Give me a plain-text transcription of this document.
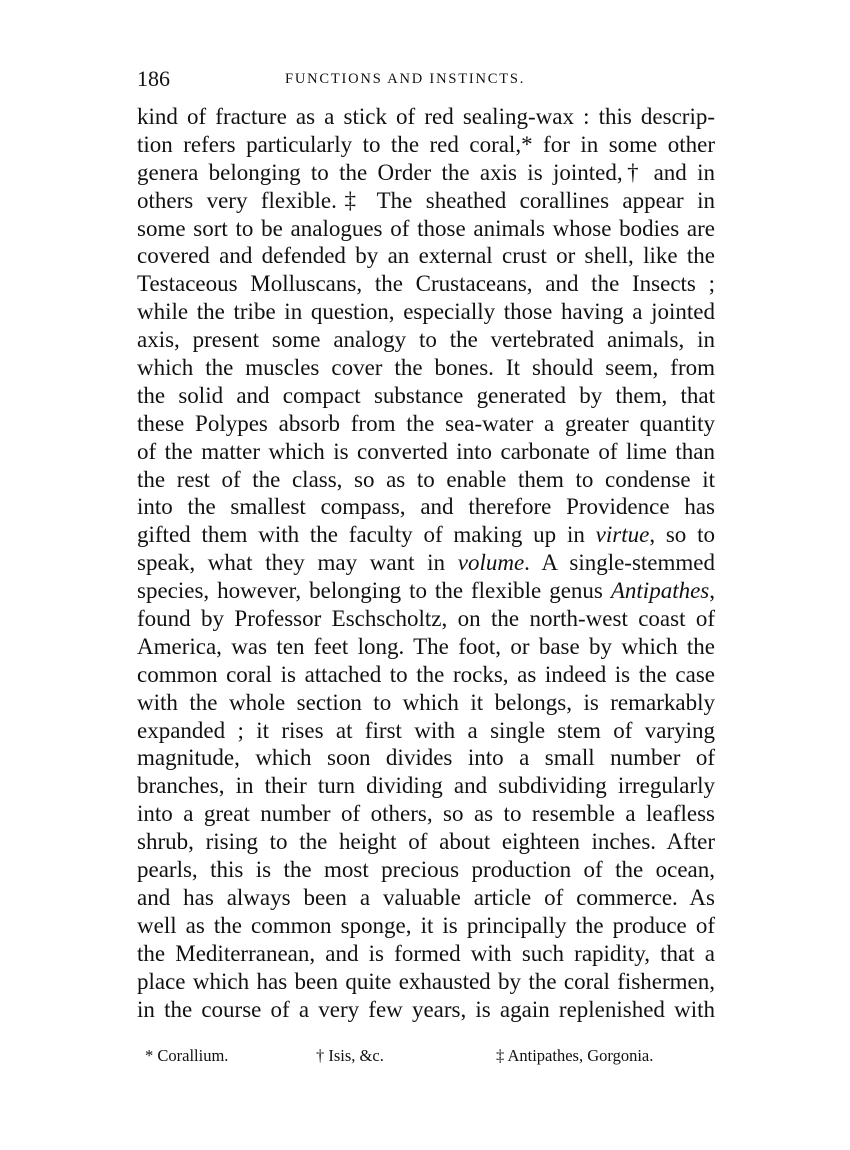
186	FUNCTIONS AND INSTINCTS.
kind of fracture as a stick of red sealing-wax : this descrip-
tion refers particularly to the red coral,* for in some other
genera belonging to the Order the axis is jointed,† and in
others very flexible.‡ The sheathed corallines appear in
some sort to be analogues of those animals whose bodies are
covered and defended by an external crust or shell, like the
Testaceous Molluscans, the Crustaceans, and the Insects ;
while the tribe in question, especially those having a jointed
axis, present some analogy to the vertebrated animals, in
which the muscles cover the bones. It should seem, from
the solid and compact substance generated by them, that
these Polypes absorb from the sea-water a greater quantity
of the matter which is converted into carbonate of lime than
the rest of the class, so as to enable them to condense it
into the smallest compass, and therefore Providence has
gifted them with the faculty of making up in virtue, so to
speak, what they may want in volume. A single-stemmed
species, however, belonging to the flexible genus Antipathes,
found by Professor Eschscholtz, on the north-west coast of
America, was ten feet long. The foot, or base by which the
common coral is attached to the rocks, as indeed is the case
with the whole section to which it belongs, is remarkably
expanded ; it rises at first with a single stem of varying
magnitude, which soon divides into a small number of
branches, in their turn dividing and subdividing irregularly
into a great number of others, so as to resemble a leafless
shrub, rising to the height of about eighteen inches. After
pearls, this is the most precious production of the ocean,
and has always been a valuable article of commerce. As
well as the common sponge, it is principally the produce of
the Mediterranean, and is formed with such rapidity, that a
place which has been quite exhausted by the coral fishermen,
in the course of a very few years, is again replenished with
* Corallium.	† Isis, &c.	‡ Antipathes, Gorgonia.
